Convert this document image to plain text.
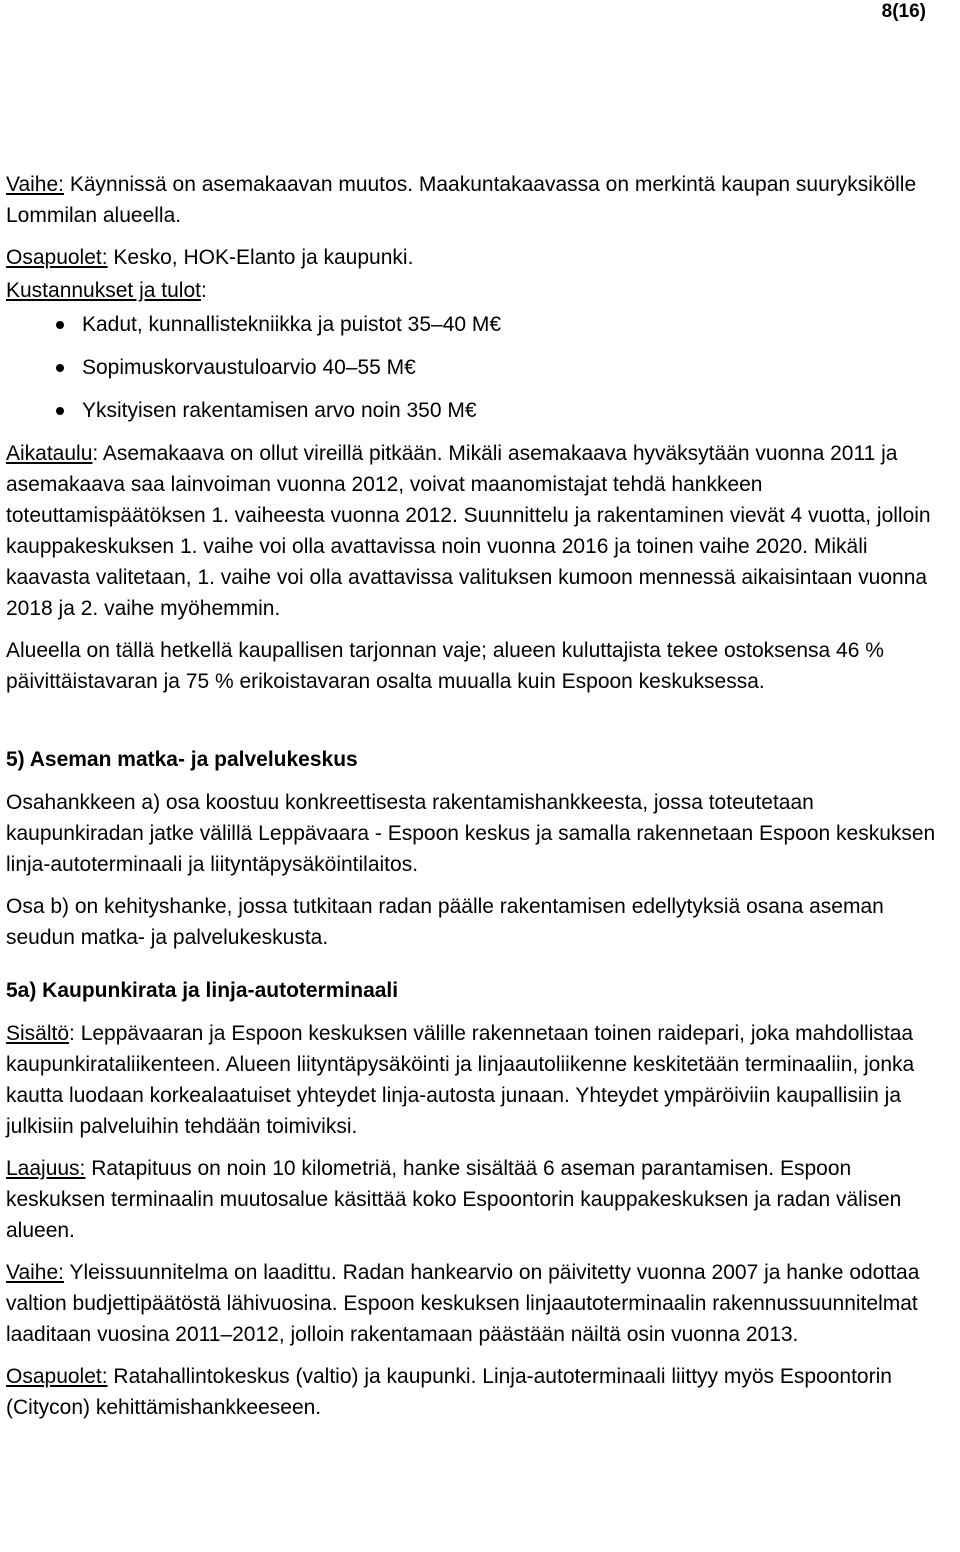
8(16)

Vaihe: Käynnissä on asemakaavan muutos. Maakuntakaavassa on merkintä kaupan suuryksikölle Lommilan alueella.

Osapuolet: Kesko, HOK-Elanto ja kaupunki.

Kustannukset ja tulot:

Kadut, kunnallistekniikka ja puistot 35–40 M€
Sopimuskorvaustuloarvio 40–55 M€
Yksityisen rakentamisen arvo noin 350 M€

Aikataulu: Asemakaava on ollut vireillä pitkään. Mikäli asemakaava hyväksytään vuonna 2011 ja asemakaava saa lainvoiman vuonna 2012, voivat maanomistajat tehdä hankkeen toteuttamispäätöksen 1. vaiheesta vuonna 2012. Suunnittelu ja rakentaminen vievät 4 vuotta, jolloin kauppakeskuksen 1. vaihe voi olla avattavissa noin vuonna 2016 ja toinen vaihe 2020. Mikäli kaavasta valitetaan, 1. vaihe voi olla avattavissa valituksen kumoon mennessä aikaisintaan vuonna 2018 ja 2. vaihe myöhemmin.

Alueella on tällä hetkellä kaupallisen tarjonnan vaje; alueen kuluttajista tekee ostoksensa 46 % päivittäistavaran ja 75 % erikoistavaran osalta muualla kuin Espoon keskuksessa.

5) Aseman matka- ja palvelukeskus

Osahankkeen a) osa koostuu konkreettisesta rakentamishankkeesta, jossa toteutetaan kaupunkiradan jatke välillä Leppävaara - Espoon keskus ja samalla rakennetaan Espoon keskuksen linja-autoterminaali ja liityntäpysäköintilaitos.

Osa b) on kehityshanke, jossa tutkitaan radan päälle rakentamisen edellytyksiä osana aseman seudun matka- ja palvelukeskusta.

5a) Kaupunkirata ja linja-autoterminaali

Sisältö: Leppävaaran ja Espoon keskuksen välille rakennetaan toinen raidepari, joka mahdollistaa kaupunkirataliikenteen. Alueen liityntäpysäköinti ja linjaautoliikenne keskitetään terminaaliin, jonka kautta luodaan korkealaatuiset yhteydet linja-autosta junaan. Yhteydet ympäröiviin kaupallisiin ja julkisiin palveluihin tehdään toimiviksi.

Laajuus: Ratapituus on noin 10 kilometriä, hanke sisältää 6 aseman parantamisen. Espoon keskuksen terminaalin muutosalue käsittää koko Espoontorin kauppakeskuksen ja radan välisen alueen.

Vaihe: Yleissuunnitelma on laadittu. Radan hankearvio on päivitetty vuonna 2007 ja hanke odottaa valtion budjettipäätöstä lähivuosina. Espoon keskuksen linjaautoterminaalin rakennussuunnitelmat laaditaan vuosina 2011–2012, jolloin rakentamaan päästään näiltä osin vuonna 2013.

Osapuolet: Ratahallintokeskus (valtio) ja kaupunki. Linja-autoterminaali liittyy myös Espoontorin (Citycon) kehittämishankkeeseen.
